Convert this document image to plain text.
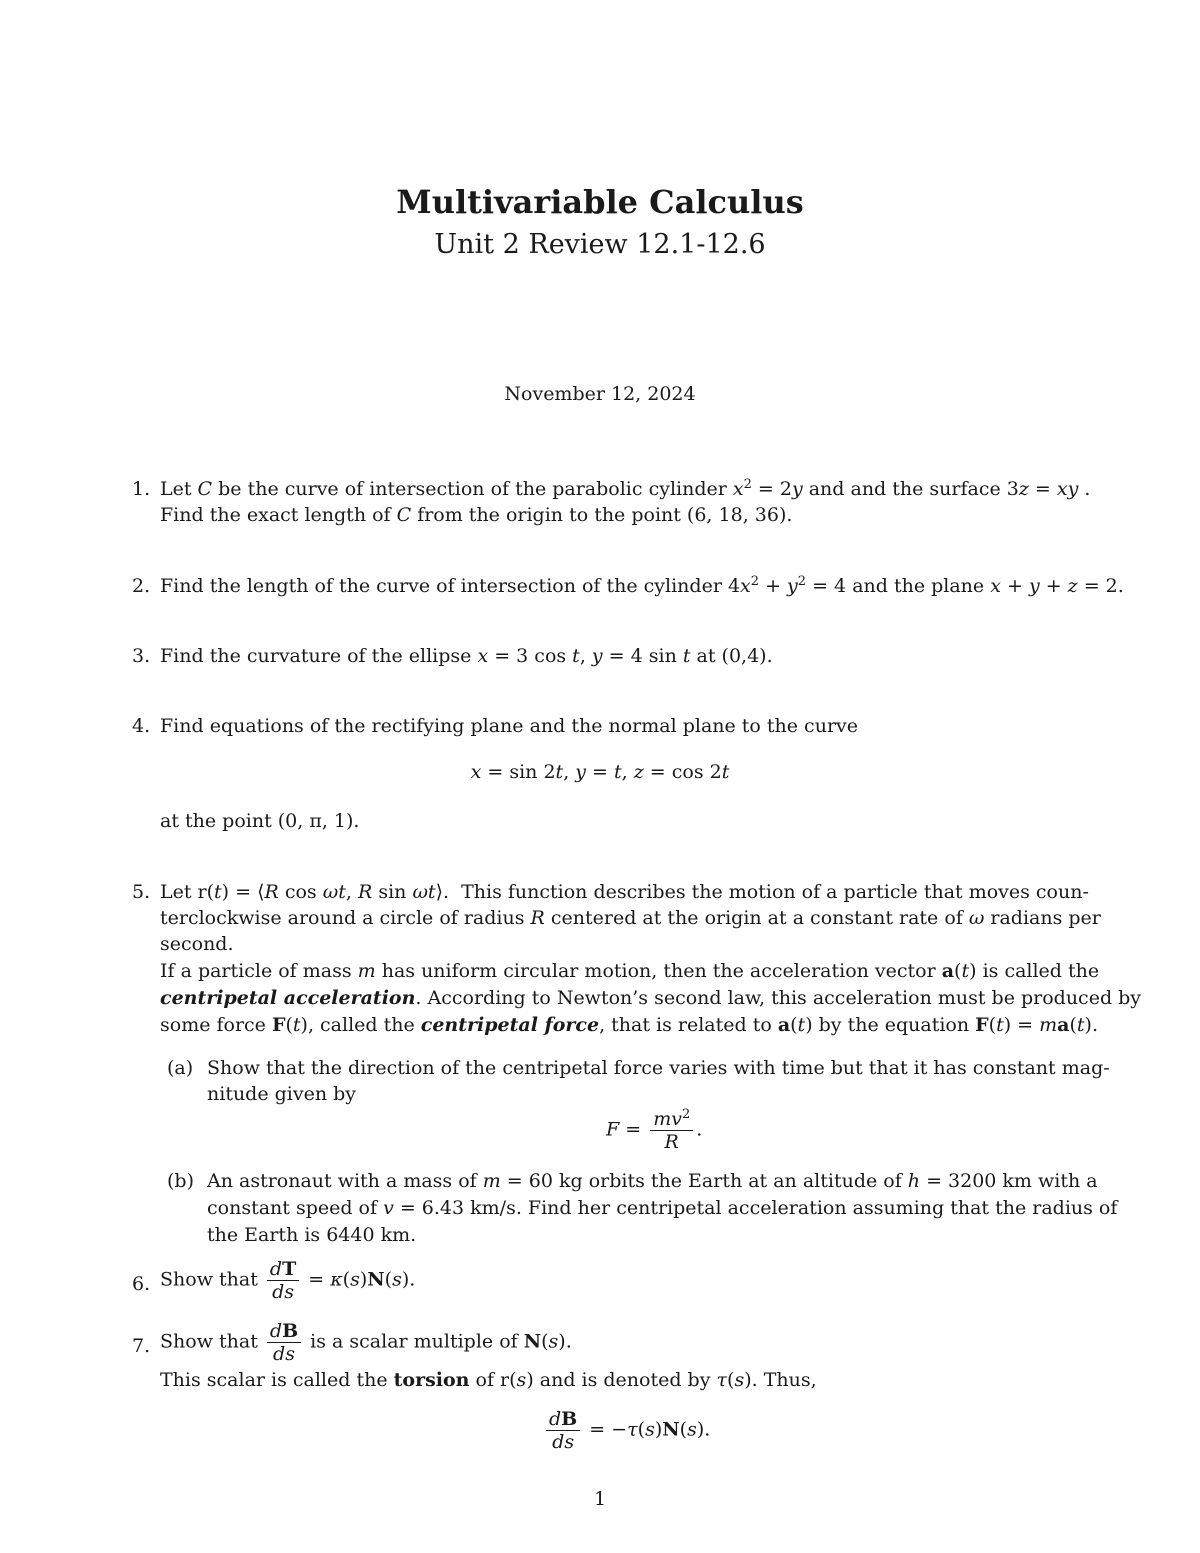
Multivariable Calculus
Unit 2 Review 12.1-12.6
November 12, 2024
1. Let C be the curve of intersection of the parabolic cylinder $x^2 = 2y$ and and the surface 3z = xy .
Find the exact length of C from the origin to the point (6, 18, 36).
2. Find the length of the curve of intersection of the cylinder $4x^2 + y^2 = 4$ and the plane x + y + z = 2.
3. Find the curvature of the ellipse x = 3 cos t, y = 4 sin t at (0,4).
4. Find equations of the rectifying plane and the normal plane to the curve
x = sin 2t, y = t, z = cos 2t
at the point (0, π, 1).
5. Let r(t) = ⟨R cos ωt, R sin ωt⟩.  This function describes the motion of a particle that moves coun-
terclockwise around a circle of radius R centered at the origin at a constant rate of ω radians per
second.
If a particle of mass m has uniform circular motion, then the acceleration vector a(t) is called the
centripetal acceleration. According to Newton’s second law, this acceleration must be produced by
some force F(t), called the centripetal force, that is related to a(t) by the equation F(t) = ma(t).
(a) Show that the direction of the centripetal force varies with time but that it has constant mag-
nitude given by
$F = \frac{mv^2}{R}$ .
(b) An astronaut with a mass of m = 60 kg orbits the Earth at an altitude of h = 3200 km with a
constant speed of v = 6.43 km/s. Find her centripetal acceleration assuming that the radius of
the Earth is 6440 km.
6. Show that $\frac{dT}{ds} = \kappa(s)N(s)$.
7. Show that $\frac{dB}{ds}$ is a scalar multiple of N(s).
This scalar is called the torsion of r(s) and is denoted by τ(s). Thus,
$\frac{dB}{ds} = -\tau(s)N(s)$.
1
